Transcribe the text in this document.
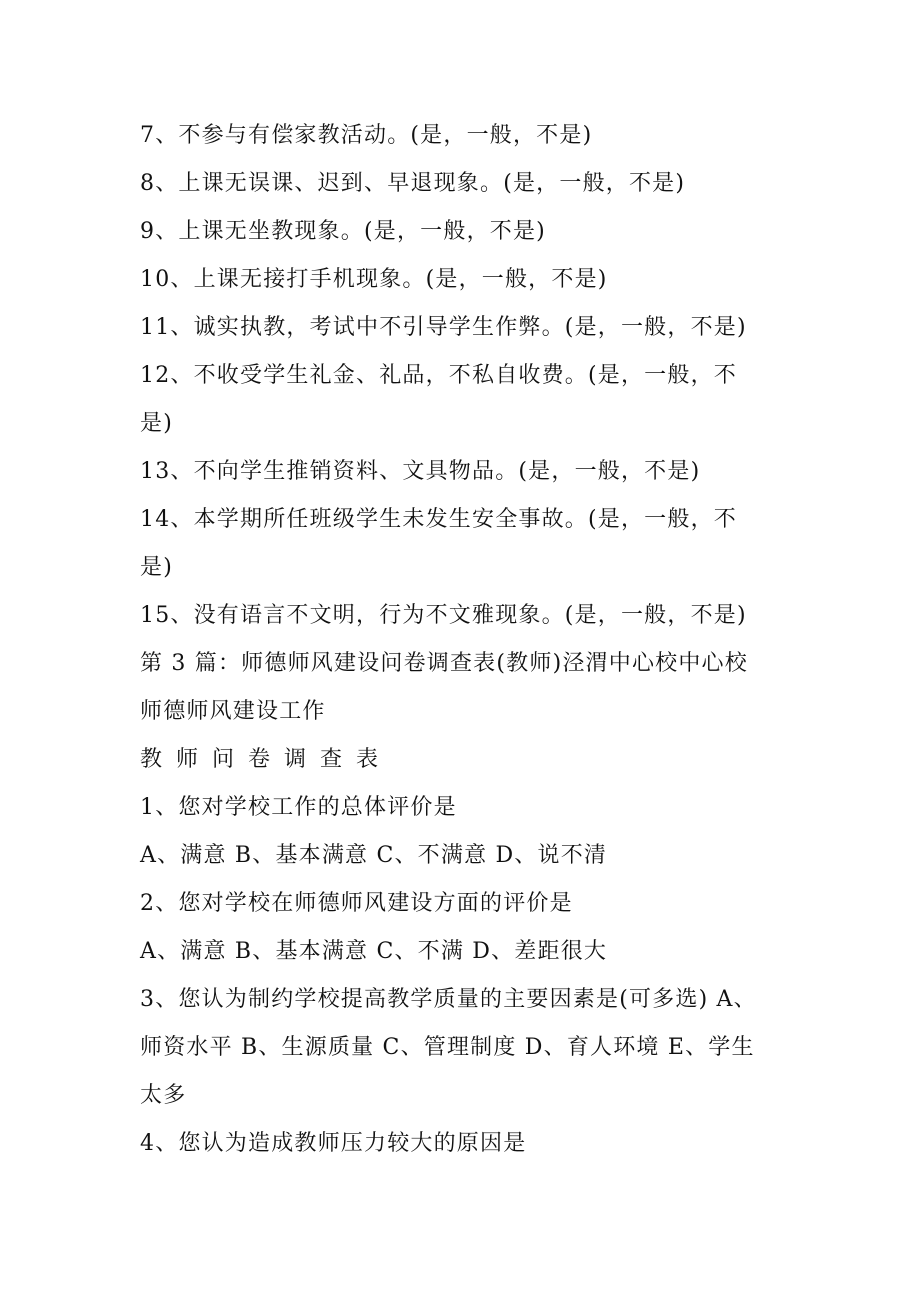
7、不参与有偿家教活动。(是，一般，不是)
8、上课无误课、迟到、早退现象。(是，一般，不是)
9、上课无坐教现象。(是，一般，不是)
10、上课无接打手机现象。(是，一般，不是)
11、诚实执教，考试中不引导学生作弊。(是，一般，不是)
12、不收受学生礼金、礼品，不私自收费。(是，一般，不
是)
13、不向学生推销资料、文具物品。(是，一般，不是)
14、本学期所任班级学生未发生安全事故。(是，一般，不
是)
15、没有语言不文明，行为不文雅现象。(是，一般，不是)
第 3 篇：师德师风建设问卷调查表(教师)泾渭中心校中心校
师德师风建设工作
教师问卷调查表
1、您对学校工作的总体评价是
A、满意 B、基本满意 C、不满意 D、说不清
2、您对学校在师德师风建设方面的评价是
A、满意 B、基本满意 C、不满 D、差距很大
3、您认为制约学校提高教学质量的主要因素是(可多选) A、
师资水平 B、生源质量 C、管理制度 D、育人环境 E、学生
太多
4、您认为造成教师压力较大的原因是
